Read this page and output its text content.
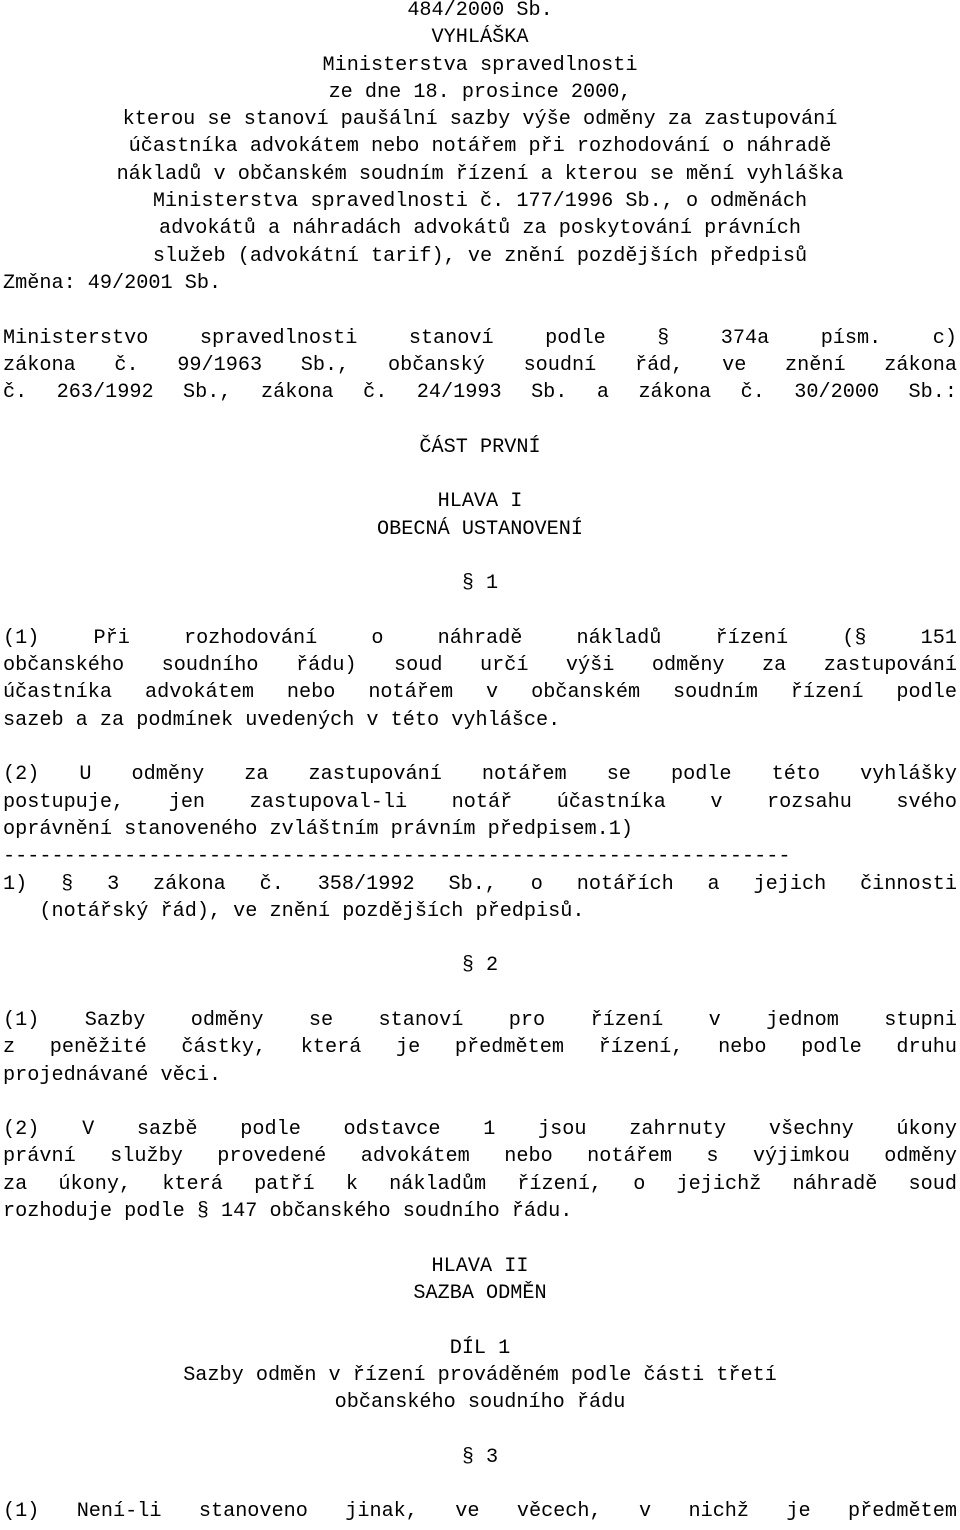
484/2000 Sb.
VYHLÁŠKA
Ministerstva spravedlnosti
ze dne 18. prosince 2000,
kterou se stanoví paušální sazby výše odměny za zastupování
účastníka advokátem nebo notářem při rozhodování o náhradě
nákladů v občanském soudním řízení a kterou se mění vyhláška
Ministerstva spravedlnosti č. 177/1996 Sb., o odměnách
advokátů a náhradách advokátů za poskytování právních
služeb (advokátní tarif), ve znění pozdějších předpisů
Změna: 49/2001 Sb.
Ministerstvo spravedlnosti stanoví podle § 374a písm. c)
zákona č. 99/1963 Sb., občanský soudní řád, ve znění zákona
č. 263/1992 Sb., zákona č. 24/1993 Sb. a zákona č. 30/2000 Sb.:
ČÁST PRVNÍ
HLAVA I
OBECNÁ USTANOVENÍ
§ 1
(1) Při rozhodování o náhradě nákladů řízení (§ 151
občanského soudního řádu) soud určí výši odměny za zastupování
účastníka advokátem nebo notářem v občanském soudním řízení podle
sazeb a za podmínek uvedených v této vyhlášce.
(2) U odměny za zastupování notářem se podle této vyhlášky
postupuje, jen zastupoval-li notář účastníka v rozsahu svého
oprávnění stanoveného zvláštním právním předpisem.1)
-----------------------------------------------------------------
1) § 3 zákona č. 358/1992 Sb., o notářích a jejich činnosti
(notářský řád), ve znění pozdějších předpisů.
§ 2
(1) Sazby odměny se stanoví pro řízení v jednom stupni
z peněžité částky, která je předmětem řízení, nebo podle druhu
projednávané věci.
(2) V sazbě podle odstavce 1 jsou zahrnuty všechny úkony
právní služby provedené advokátem nebo notářem s výjimkou odměny
za úkony, která patří k nákladům řízení, o jejichž náhradě soud
rozhoduje podle § 147 občanského soudního řádu.
HLAVA II
SAZBA ODMĚN
DÍL 1
Sazby odměn v řízení prováděném podle části třetí
občanského soudního řádu
§ 3
(1) Není-li stanoveno jinak, ve věcech, v nichž je předmětem
